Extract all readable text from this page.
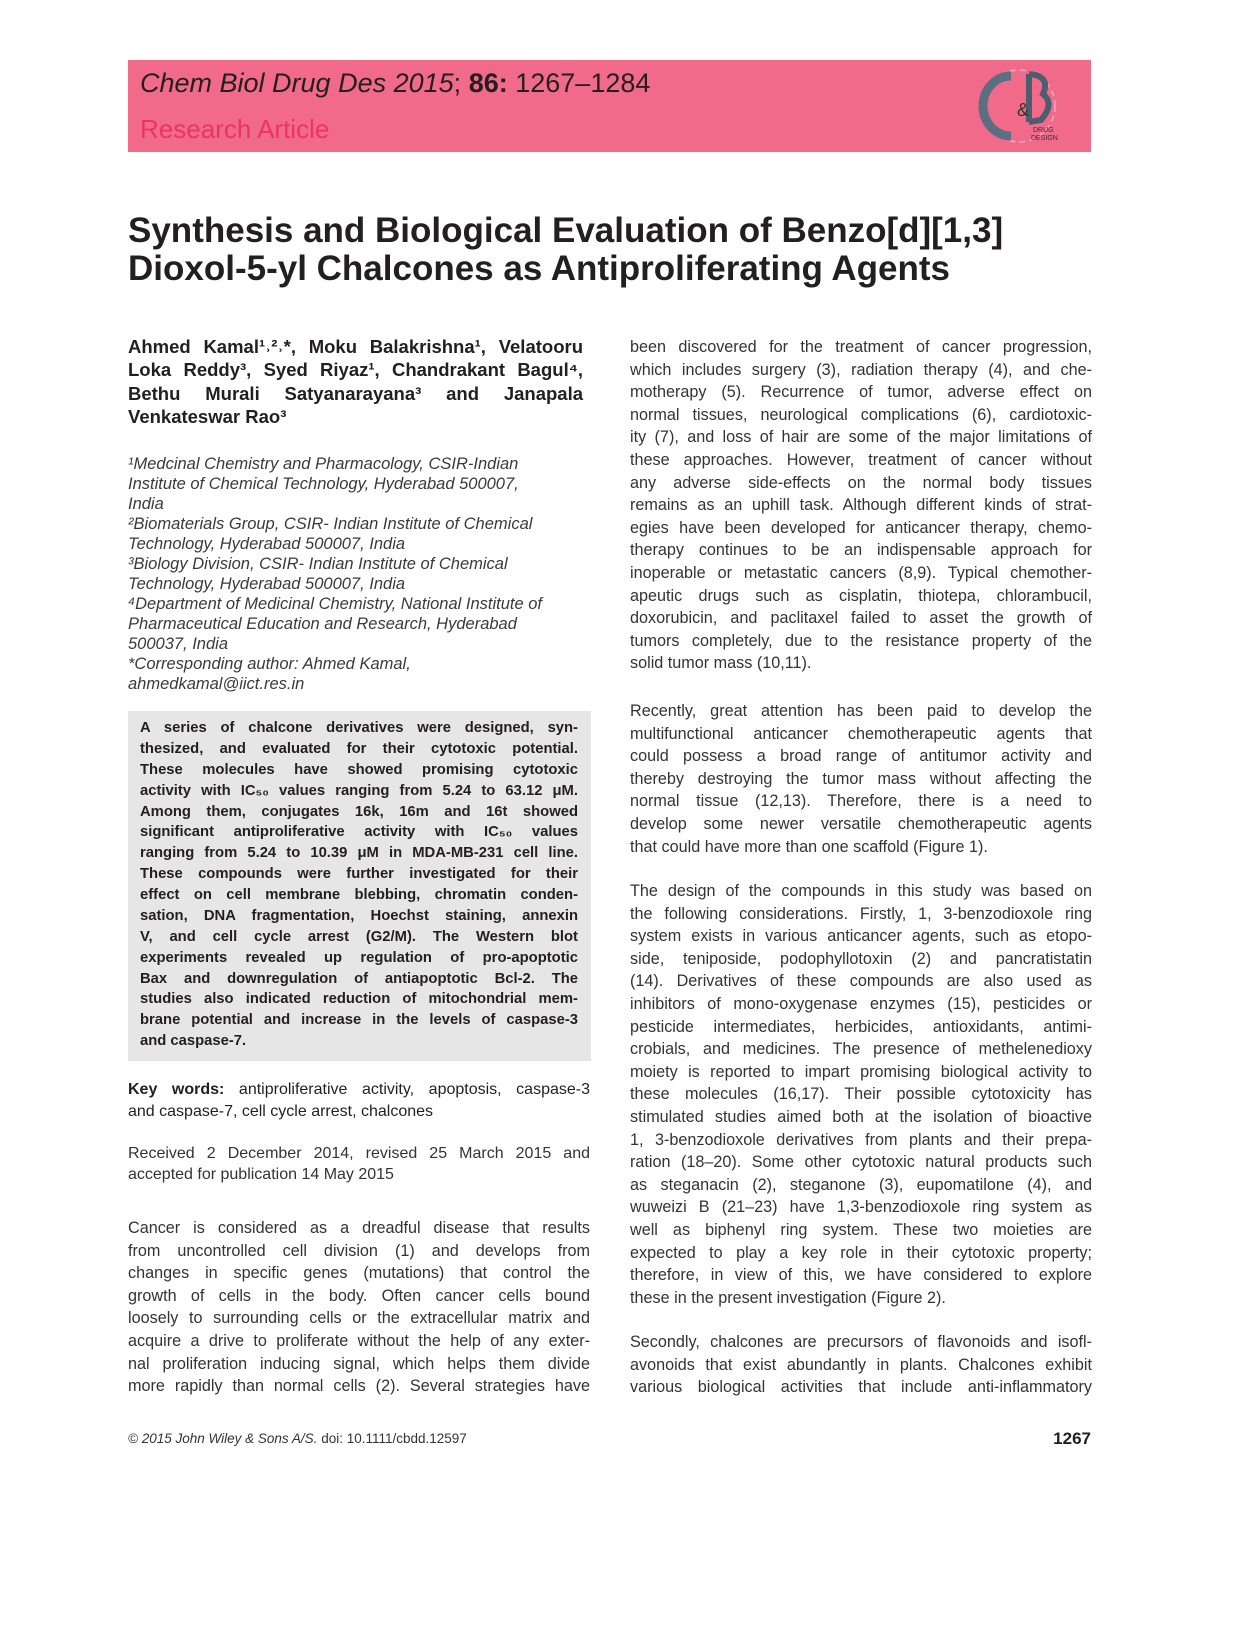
Chem Biol Drug Des 2015; 86: 1267–1284
Research Article
&
DRUG
DESIGN
Synthesis and Biological Evaluation of Benzo[d][1,3]
Dioxol-5-yl Chalcones as Antiproliferating Agents
Ahmed Kamal¹˒²˒*, Moku Balakrishna¹, Velatooru
Loka Reddy³, Syed Riyaz¹, Chandrakant Bagul⁴,
Bethu Murali Satyanarayana³ and Janapala
Venkateswar Rao³
¹Medcinal Chemistry and Pharmacology, CSIR-Indian
Institute of Chemical Technology, Hyderabad 500007,
India
²Biomaterials Group, CSIR- Indian Institute of Chemical
Technology, Hyderabad 500007, India
³Biology Division, CSIR- Indian Institute of Chemical
Technology, Hyderabad 500007, India
⁴Department of Medicinal Chemistry, National Institute of
Pharmaceutical Education and Research, Hyderabad
500037, India
*Corresponding author: Ahmed Kamal,
ahmedkamal@iict.res.in
A series of chalcone derivatives were designed, syn-
thesized, and evaluated for their cytotoxic potential.
These molecules have showed promising cytotoxic
activity with IC₅₀ values ranging from 5.24 to 63.12 μM.
Among them, conjugates 16k, 16m and 16t showed
significant antiproliferative activity with IC₅₀ values
ranging from 5.24 to 10.39 μM in MDA-MB-231 cell line.
These compounds were further investigated for their
effect on cell membrane blebbing, chromatin conden-
sation, DNA fragmentation, Hoechst staining, annexin
V, and cell cycle arrest (G2/M). The Western blot
experiments revealed up regulation of pro-apoptotic
Bax and downregulation of antiapoptotic Bcl-2. The
studies also indicated reduction of mitochondrial mem-
brane potential and increase in the levels of caspase-3
and caspase-7.
Key words: antiproliferative activity, apoptosis, caspase-3
and caspase-7, cell cycle arrest, chalcones
Received 2 December 2014, revised 25 March 2015 and
accepted for publication 14 May 2015
Cancer is considered as a dreadful disease that results
from uncontrolled cell division (1) and develops from
changes in specific genes (mutations) that control the
growth of cells in the body. Often cancer cells bound
loosely to surrounding cells or the extracellular matrix and
acquire a drive to proliferate without the help of any exter-
nal proliferation inducing signal, which helps them divide
more rapidly than normal cells (2). Several strategies have
been discovered for the treatment of cancer progression,
which includes surgery (3), radiation therapy (4), and che-
motherapy (5). Recurrence of tumor, adverse effect on
normal tissues, neurological complications (6), cardiotoxic-
ity (7), and loss of hair are some of the major limitations of
these approaches. However, treatment of cancer without
any adverse side-effects on the normal body tissues
remains as an uphill task. Although different kinds of strat-
egies have been developed for anticancer therapy, chemo-
therapy continues to be an indispensable approach for
inoperable or metastatic cancers (8,9). Typical chemother-
apeutic drugs such as cisplatin, thiotepa, chlorambucil,
doxorubicin, and paclitaxel failed to asset the growth of
tumors completely, due to the resistance property of the
solid tumor mass (10,11).
Recently, great attention has been paid to develop the
multifunctional anticancer chemotherapeutic agents that
could possess a broad range of antitumor activity and
thereby destroying the tumor mass without affecting the
normal tissue (12,13). Therefore, there is a need to
develop some newer versatile chemotherapeutic agents
that could have more than one scaffold (Figure 1).
The design of the compounds in this study was based on
the following considerations. Firstly, 1, 3-benzodioxole ring
system exists in various anticancer agents, such as etopo-
side, teniposide, podophyllotoxin (2) and pancratistatin
(14). Derivatives of these compounds are also used as
inhibitors of mono-oxygenase enzymes (15), pesticides or
pesticide intermediates, herbicides, antioxidants, antimi-
crobials, and medicines. The presence of methelenedioxy
moiety is reported to impart promising biological activity to
these molecules (16,17). Their possible cytotoxicity has
stimulated studies aimed both at the isolation of bioactive
1, 3-benzodioxole derivatives from plants and their prepa-
ration (18–20). Some other cytotoxic natural products such
as steganacin (2), steganone (3), eupomatilone (4), and
wuweizi B (21–23) have 1,3-benzodioxole ring system as
well as biphenyl ring system. These two moieties are
expected to play a key role in their cytotoxic property;
therefore, in view of this, we have considered to explore
these in the present investigation (Figure 2).
Secondly, chalcones are precursors of flavonoids and isofl-
avonoids that exist abundantly in plants. Chalcones exhibit
various biological activities that include anti-inflammatory
© 2015 John Wiley & Sons A/S. doi: 10.1111/cbdd.12597	1267
